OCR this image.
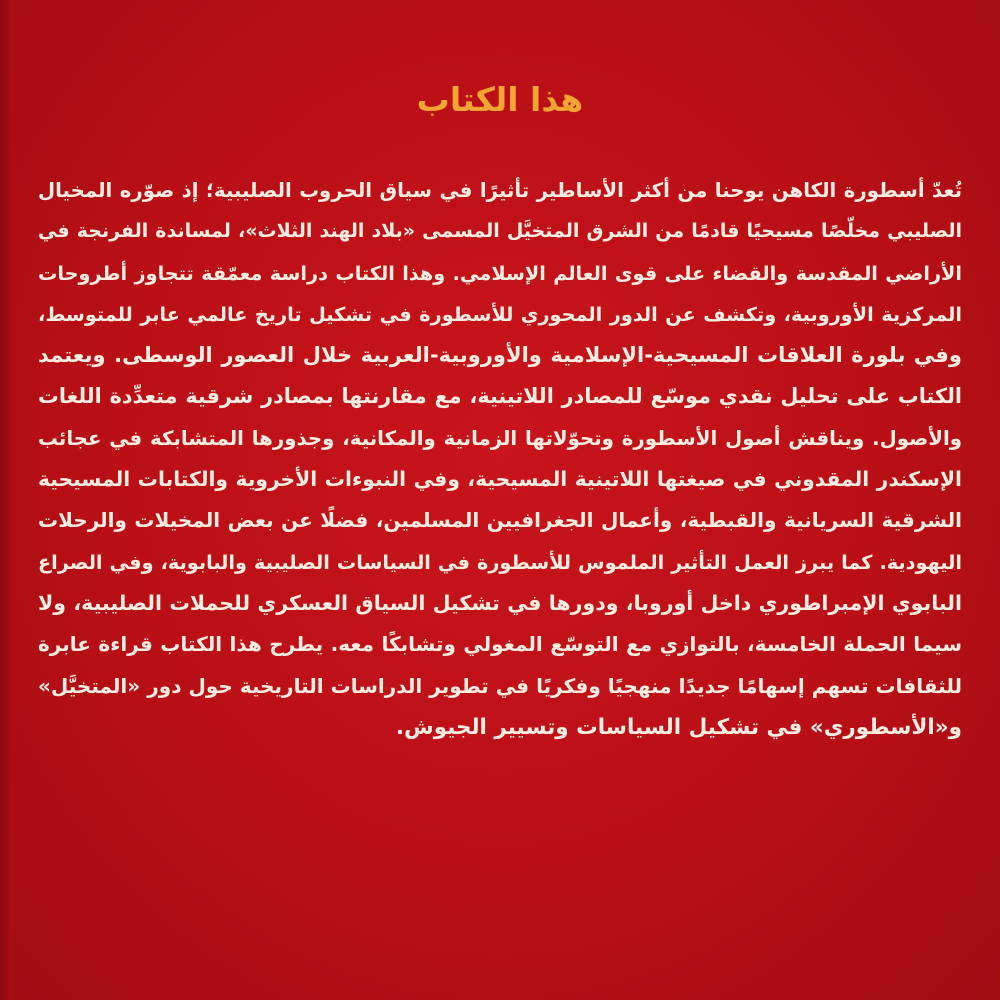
هذا الكتاب
تُعدّ أسطورة الكاهن يوحنا من أكثر الأساطير تأثيرًا في سياق الحروب الصليبية؛ إذ صوّره المخيال
الصليبي مخلّصًا مسيحيًا قادمًا من الشرق المتخيَّل المسمى «بلاد الهند الثلاث»، لمساندة الفرنجة في
الأراضي المقدسة والقضاء على قوى العالم الإسلامي. وهذا الكتاب دراسة معمّقة تتجاوز أطروحات
المركزية الأوروبية، وتكشف عن الدور المحوري للأسطورة في تشكيل تاريخ عالمي عابر للمتوسط،
وفي بلورة العلاقات المسيحية-الإسلامية والأوروبية-العربية خلال العصور الوسطى. ويعتمد
الكتاب على تحليل نقدي موسّع للمصادر اللاتينية، مع مقارنتها بمصادر شرقية متعدِّدة اللغات
والأصول. ويناقش أصول الأسطورة وتحوّلاتها الزمانية والمكانية، وجذورها المتشابكة في عجائب
الإسكندر المقدوني في صيغتها اللاتينية المسيحية، وفي النبوءات الأخروية والكتابات المسيحية
الشرقية السريانية والقبطية، وأعمال الجغرافيين المسلمين، فضلًا عن بعض المخيلات والرحلات
اليهودية. كما يبرز العمل التأثير الملموس للأسطورة في السياسات الصليبية والبابوية، وفي الصراع
البابوي الإمبراطوري داخل أوروبا، ودورها في تشكيل السياق العسكري للحملات الصليبية، ولا
سيما الحملة الخامسة، بالتوازي مع التوسّع المغولي وتشابكًا معه. يطرح هذا الكتاب قراءة عابرة
للثقافات تسهم إسهامًا جديدًا منهجيًا وفكريًا في تطوير الدراسات التاريخية حول دور «المتخيَّل»
و«الأسطوري» في تشكيل السياسات وتسيير الجيوش.
